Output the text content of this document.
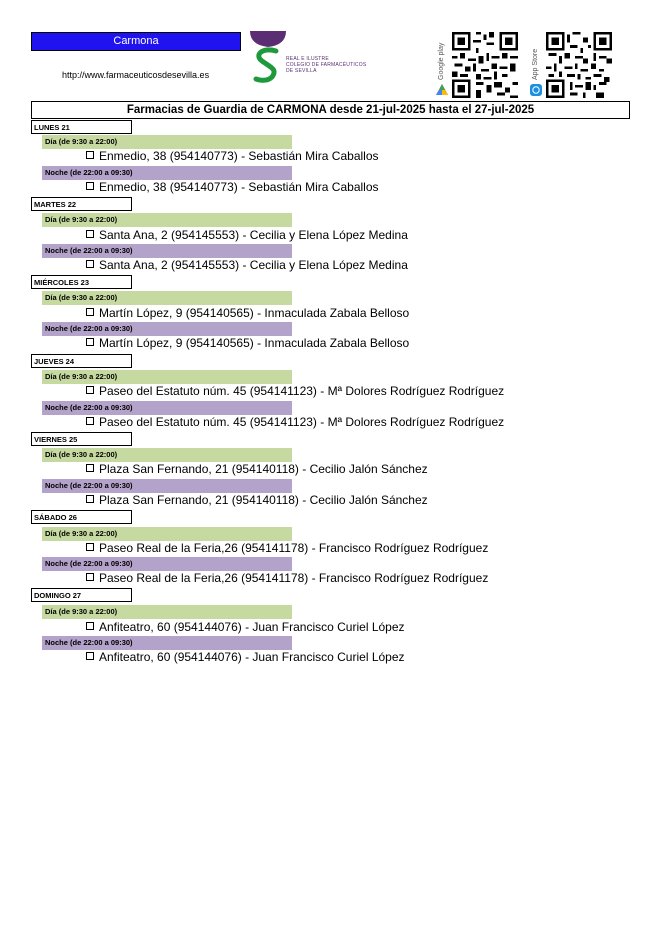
Carmona
http://www.farmaceuticosdesevilla.es
REAL E ILUSTRE
COLEGIO DE FARMACÉUTICOS
DE SEVILLA	Google play	App Store
Farmacias de Guardia de CARMONA desde 21-jul-2025 hasta el 27-jul-2025
LUNES 21
Día (de 9:30 a 22:00)
Enmedio, 38 (954140773) - Sebastián Mira Caballos
Noche (de 22:00 a 09:30)
Enmedio, 38 (954140773) - Sebastián Mira Caballos
MARTES 22
Día (de 9:30 a 22:00)
Santa Ana, 2 (954145553) - Cecilia y Elena López Medina
Noche (de 22:00 a 09:30)
Santa Ana, 2 (954145553) - Cecilia y Elena López Medina
MIÉRCOLES 23
Día (de 9:30 a 22:00)
Martín López, 9 (954140565) - Inmaculada Zabala Belloso
Noche (de 22:00 a 09:30)
Martín López, 9 (954140565) - Inmaculada Zabala Belloso
JUEVES 24
Día (de 9:30 a 22:00)
Paseo del Estatuto núm. 45 (954141123) - Mª Dolores Rodríguez Rodríguez
Noche (de 22:00 a 09:30)
Paseo del Estatuto núm. 45 (954141123) - Mª Dolores Rodríguez Rodríguez
VIERNES 25
Día (de 9:30 a 22:00)
Plaza San Fernando, 21 (954140118) - Cecilio Jalón Sánchez
Noche (de 22:00 a 09:30)
Plaza San Fernando, 21 (954140118) - Cecilio Jalón Sánchez
SÁBADO 26
Día (de 9:30 a 22:00)
Paseo Real de la Feria,26 (954141178) - Francisco Rodríguez Rodríguez
Noche (de 22:00 a 09:30)
Paseo Real de la Feria,26 (954141178) - Francisco Rodríguez Rodríguez
DOMINGO 27
Día (de 9:30 a 22:00)
Anfiteatro, 60 (954144076) - Juan Francisco Curiel López
Noche (de 22:00 a 09:30)
Anfiteatro, 60 (954144076) - Juan Francisco Curiel López
